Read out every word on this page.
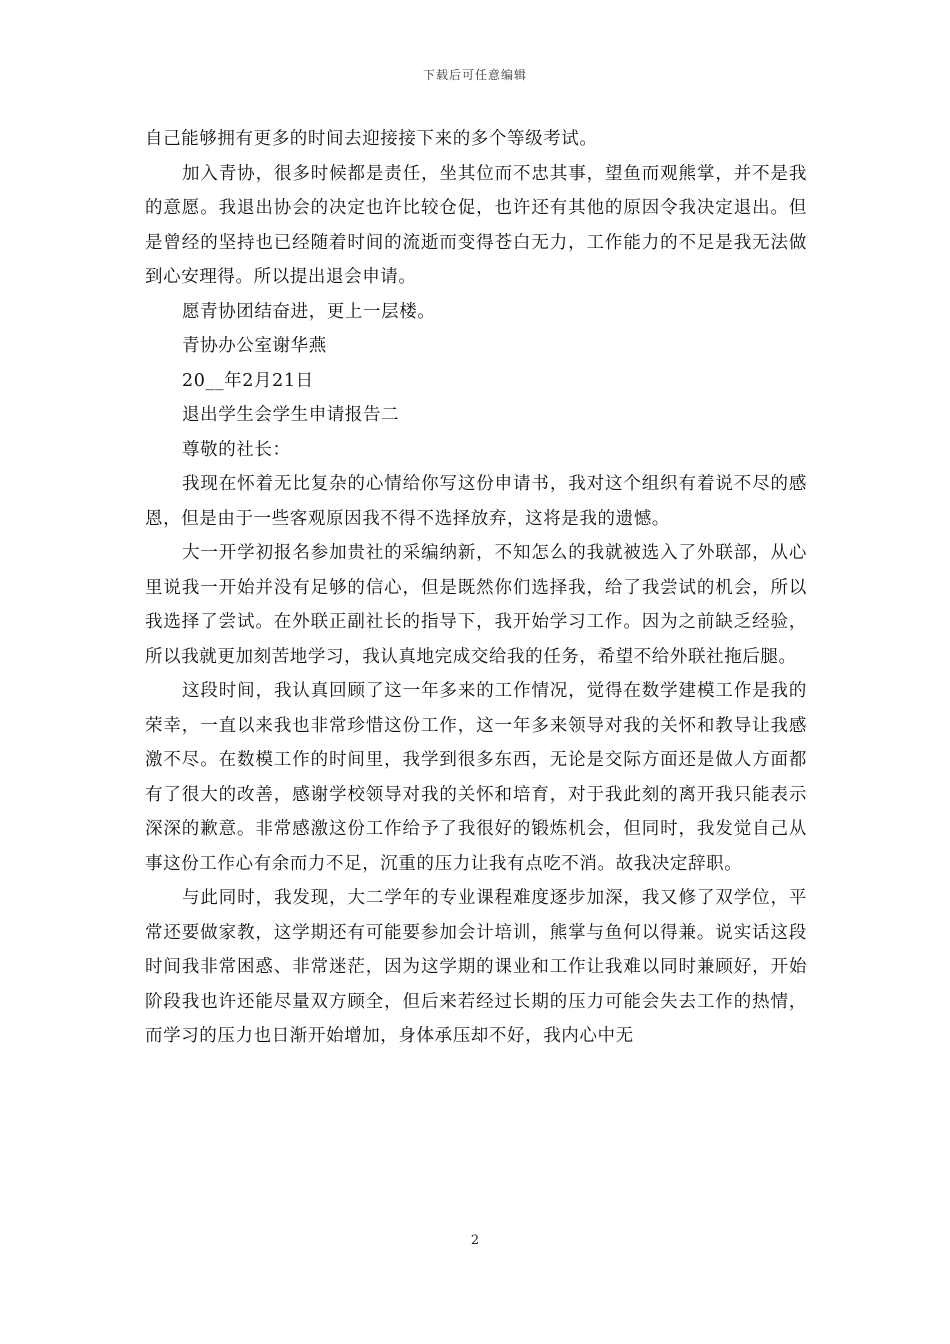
下载后可任意编辑

自己能够拥有更多的时间去迎接接下来的多个等级考试。

加入青协，很多时候都是责任，坐其位而不忠其事，望鱼而观熊掌，并不是我的意愿。我退出协会的决定也许比较仓促，也许还有其他的原因令我决定退出。但是曾经的坚持也已经随着时间的流逝而变得苍白无力，工作能力的不足是我无法做到心安理得。所以提出退会申请。

愿青协团结奋进，更上一层楼。

青协办公室谢华燕

20__年2月21日

退出学生会学生申请报告二

尊敬的社长：

我现在怀着无比复杂的心情给你写这份申请书，我对这个组织有着说不尽的感恩，但是由于一些客观原因我不得不选择放弃，这将是我的遗憾。

大一开学初报名参加贵社的采编纳新，不知怎么的我就被选入了外联部，从心里说我一开始并没有足够的信心，但是既然你们选择我，给了我尝试的机会，所以我选择了尝试。在外联正副社长的指导下，我开始学习工作。因为之前缺乏经验，所以我就更加刻苦地学习，我认真地完成交给我的任务，希望不给外联社拖后腿。

这段时间，我认真回顾了这一年多来的工作情况，觉得在数学建模工作是我的荣幸，一直以来我也非常珍惜这份工作，这一年多来领导对我的关怀和教导让我感激不尽。在数模工作的时间里，我学到很多东西，无论是交际方面还是做人方面都有了很大的改善，感谢学校领导对我的关怀和培育，对于我此刻的离开我只能表示深深的歉意。非常感激这份工作给予了我很好的锻炼机会，但同时，我发觉自己从事这份工作心有余而力不足，沉重的压力让我有点吃不消。故我决定辞职。

与此同时，我发现，大二学年的专业课程难度逐步加深，我又修了双学位，平常还要做家教，这学期还有可能要参加会计培训，熊掌与鱼何以得兼。说实话这段时间我非常困惑、非常迷茫，因为这学期的课业和工作让我难以同时兼顾好，开始阶段我也许还能尽量双方顾全，但后来若经过长期的压力可能会失去工作的热情，而学习的压力也日渐开始增加，身体承压却不好，我内心中无

2
